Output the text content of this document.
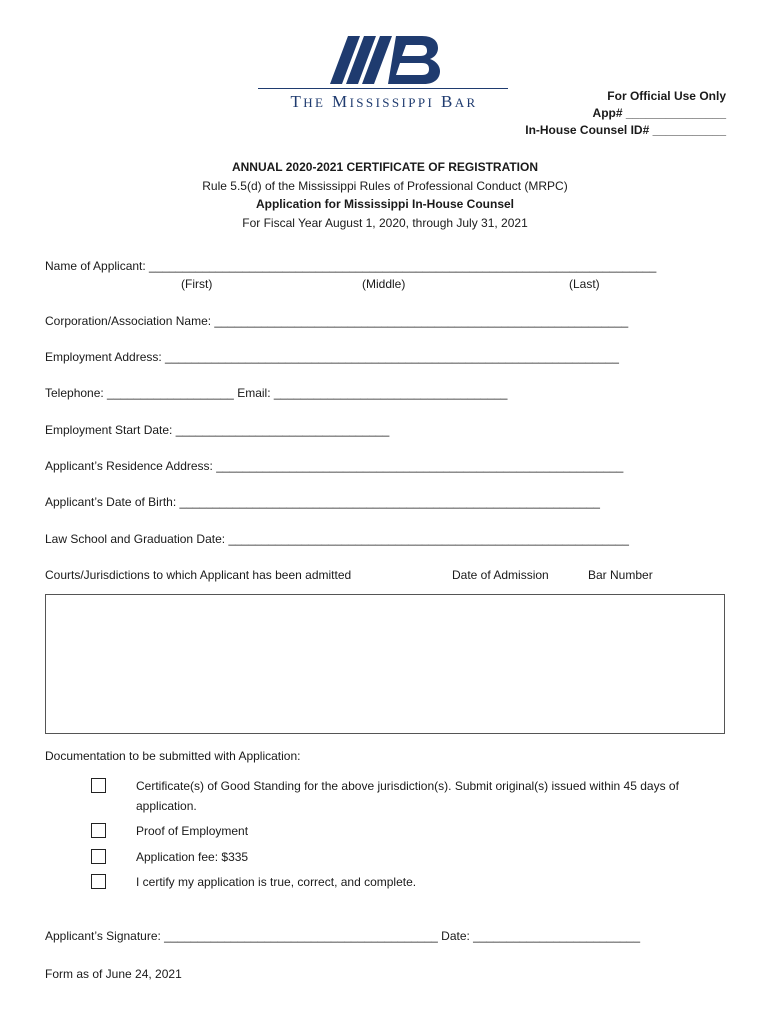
THE MISSISSIPPI BAR	For Official Use Only
App# _______________
In-House Counsel ID# ___________
ANNUAL 2020-2021 CERTIFICATE OF REGISTRATION
Rule 5.5(d) of the Mississippi Rules of Professional Conduct (MRPC)
Application for Mississippi In-House Counsel
For Fiscal Year August 1, 2020, through July 31, 2021
Name of Applicant: ____________________________________________________________________________
(First)	(Middle)	(Last)
Corporation/Association Name: ______________________________________________________________
Employment Address: ____________________________________________________________________
Telephone: ___________________ Email: ___________________________________
Employment Start Date: ________________________________
Applicant’s Residence Address: _____________________________________________________________
Applicant’s Date of Birth: _______________________________________________________________
Law School and Graduation Date: ____________________________________________________________
Courts/Jurisdictions to which Applicant has been admitted	Date of Admission	Bar Number
Documentation to be submitted with Application:
Certificate(s) of Good Standing for the above jurisdiction(s). Submit original(s) issued within 45 days of
application.
Proof of Employment
Application fee: $335
I certify my application is true, correct, and complete.
Applicant’s Signature: _________________________________________ Date: _________________________
Form as of June 24, 2021
